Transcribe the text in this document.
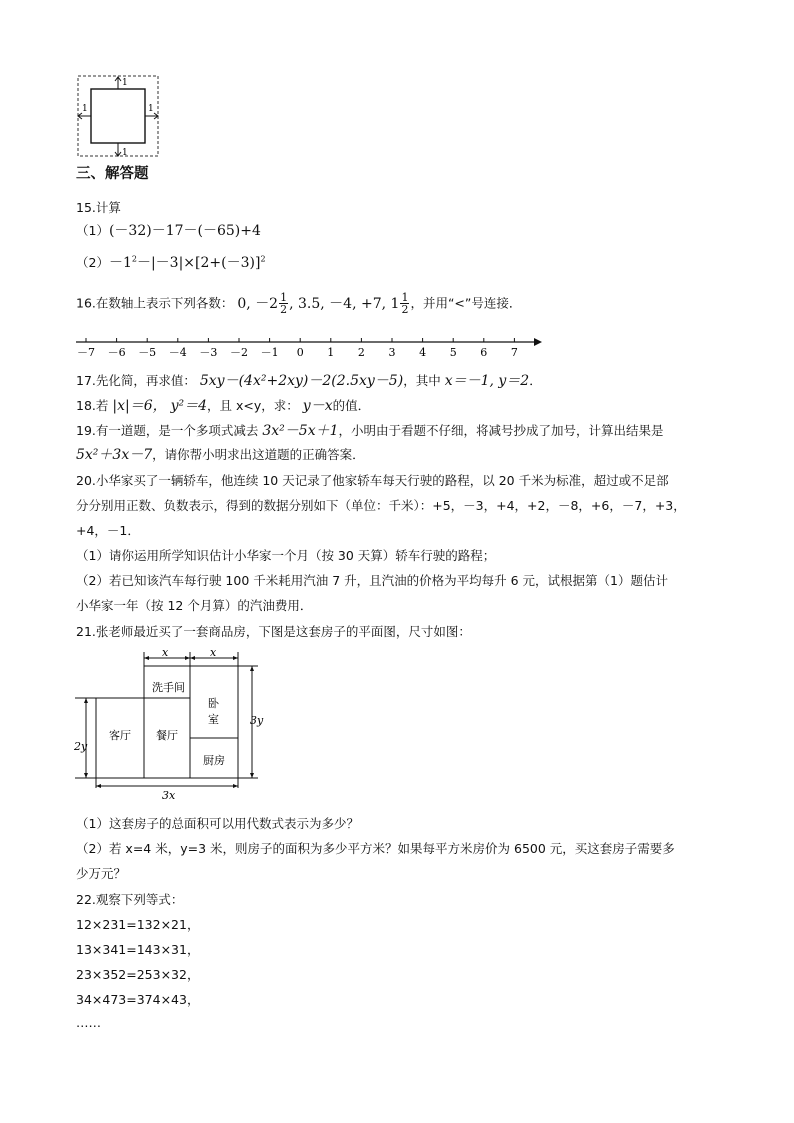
1
1	1
1
三、解答题
15.计算
（1）(－32)－17－(－65)+4
$(2)-1^2-|-3|\times[2+(-3)]^2$
16.在数轴上表示下列各数： 0, $-2 \frac{1}{2}$ , 3.5, －4, +7, $1 \frac{1}{2}$ ，并用“<”号连接．
－7 －6 －5 －4 －3 －2 －1 0 1 2 3 4 5 6 7
17.先化简，再求值： 5xy－(4x²+2xy)－2(2.5xy－5)，其中 x＝－1, y＝2．
18.若 |x|＝6， y²＝4，且 x<y，求： y－x的值．
19.有一道题，是一个多项式减去 3x²－5x＋1，小明由于看题不仔细，将减号抄成了加号，计算出结果是
5x²＋3x－7，请你帮小明求出这道题的正确答案．
20.小华家买了一辆轿车，他连续 10 天记录了他家轿车每天行驶的路程，以 20 千米为标准，超过或不足部
分分别用正数、负数表示，得到的数据分别如下（单位：千米）：+5，－3，+4，+2，－8，+6，－7，+3，
+4，－1．
（1）请你运用所学知识估计小华家一个月（按 30 天算）轿车行驶的路程；
（2）若已知该汽车每行驶 100 千米耗用汽油 7 升，且汽油的价格为平均每升 6 元，试根据第（1）题估计
小华家一年（按 12 个月算）的汽油费用．
21.张老师最近买了一套商品房，下图是这套房子的平面图，尺寸如图：
x	x
洗手间
卧
室
客厅 餐厅
厨房
2y
3y
3x
（1）这套房子的总面积可以用代数式表示为多少？
（2）若 x=4 米，y=3 米，则房子的面积为多少平方米？如果每平方米房价为 6500 元，买这套房子需要多
少万元？
22.观察下列等式：
12×231=132×21，
13×341=143×31，
23×352=253×32，
34×473=374×43，
……
